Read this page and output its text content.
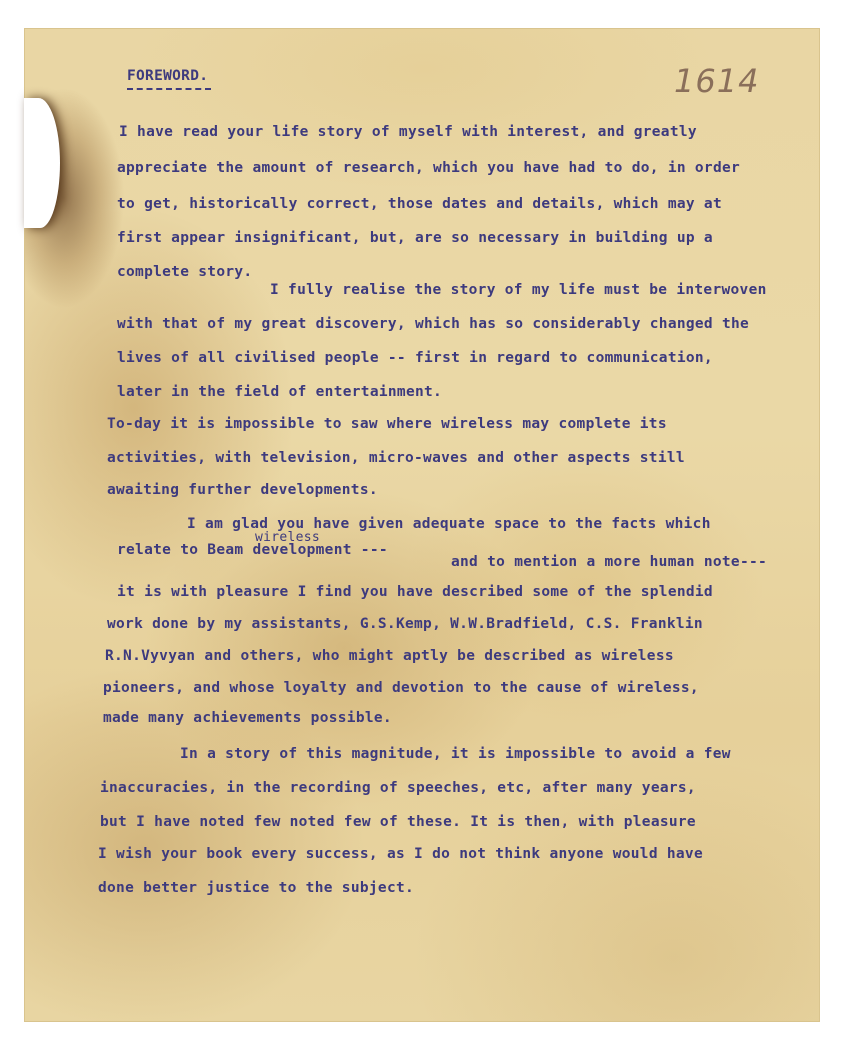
1614

FOREWORD.

I have read your life story of myself with interest, and greatly

appreciate the amount of research, which you have had to do, in order

to get, historically correct, those dates and details, which may at

first appear insignificant, but, are so necessary in building up a

complete story.

I fully realise the story of my life must be interwoven

with that of my great discovery, which has so considerably changed the

lives of all civilised people -- first in regard to communication,

later in the field of entertainment.

To-day it is impossible to saw where wireless may complete its

activities, with television, micro-waves and other aspects still

awaiting further developments.

I am glad you have given adequate space to the facts which

wireless

relate to Beam development ---

and to mention a more human note---

it is with pleasure I find you have described some of the splendid

work done by my assistants, G.S.Kemp, W.W.Bradfield, C.S. Franklin

R.N.Vyvyan and others, who might aptly be described as wireless

pioneers, and whose loyalty and devotion to the cause of wireless,

made many achievements possible.

In a story of this magnitude, it is impossible to avoid a few

inaccuracies, in the recording of speeches, etc, after many years,

but I have noted few noted few of these. It is then, with pleasure

I wish your book every success, as I do not think anyone would have

done better justice to the subject.
